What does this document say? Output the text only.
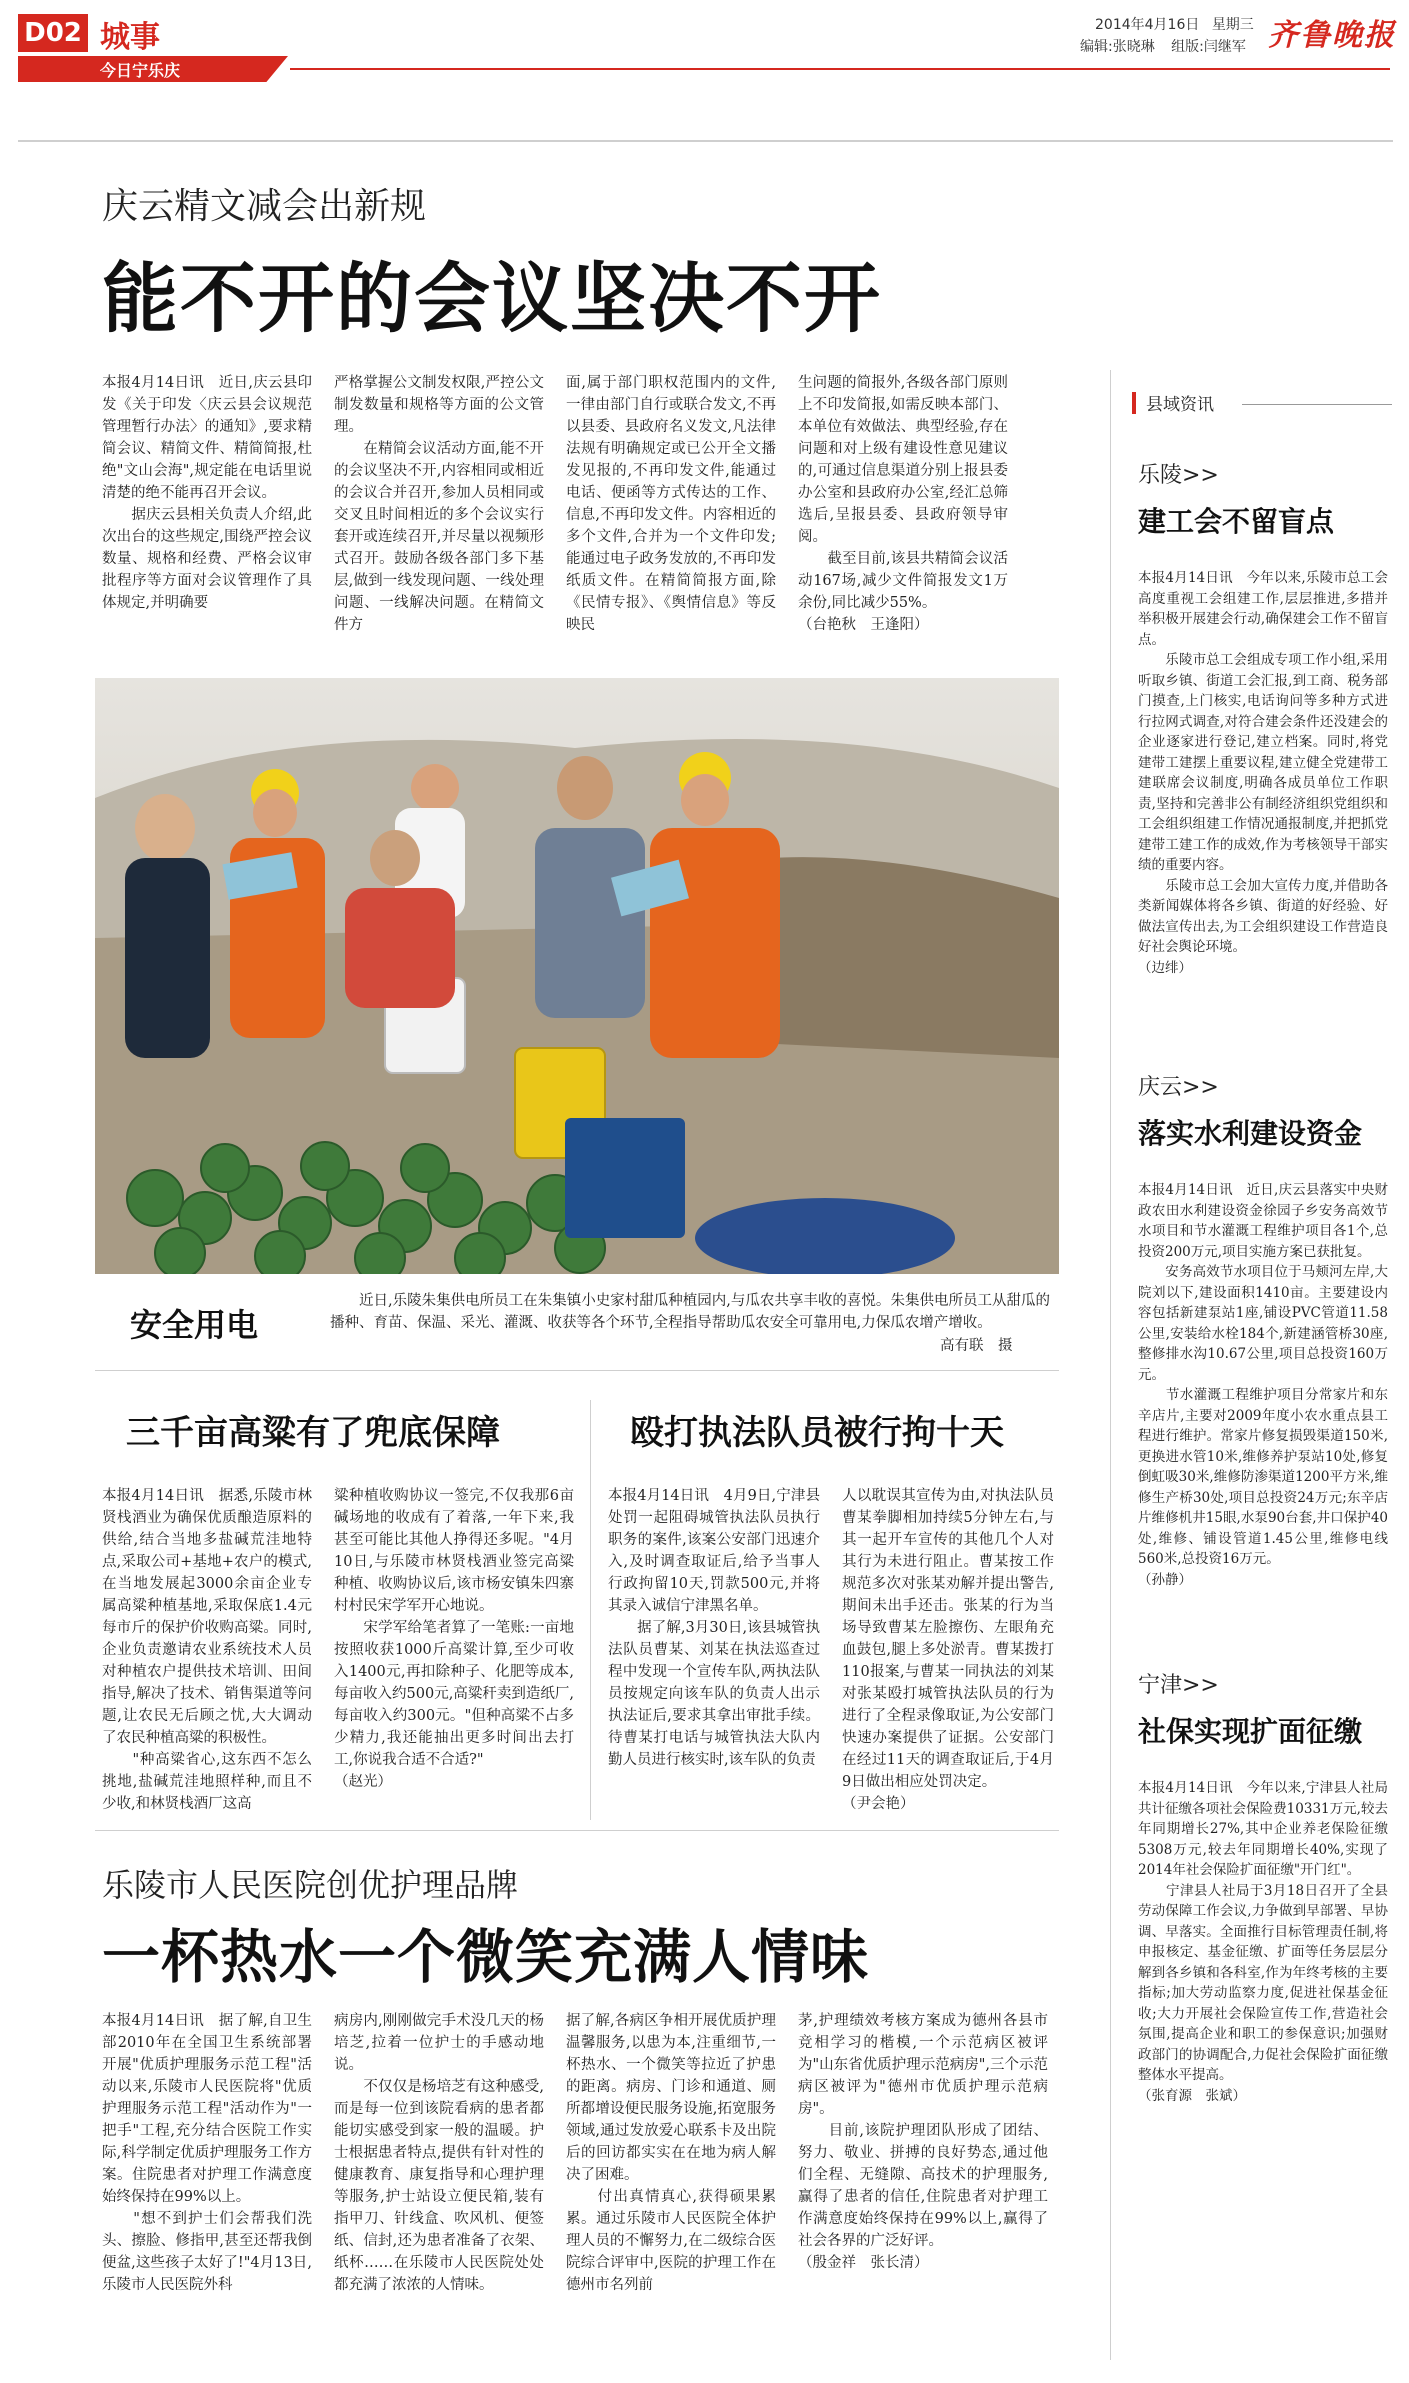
D02 城事
今日宁乐庆
2014年4月16日 星期三
编辑:张晓琳 组版:闫继军 齐鲁晚报
庆云精文减会出新规
能不开的会议坚决不开
本报4月14日讯　近日,庆云县印发《关于印发〈庆云县会议规范管理暂行办法〉的通知》,要求精简会议、精简文件、精简简报,杜绝"文山会海",规定能在电话里说清楚的绝不能再召开会议。
　　据庆云县相关负责人介绍,此次出台的这些规定,围绕严控会议数量、规格和经费、严格会议审批程序等方面对会议管理作了具体规定,并明确要
严格掌握公文制发权限,严控公文制发数量和规格等方面的公文管理。
　　在精简会议活动方面,能不开的会议坚决不开,内容相同或相近的会议合并召开,参加人员相同或交叉且时间相近的多个会议实行套开或连续召开,并尽量以视频形式召开。鼓励各级各部门多下基层,做到一线发现问题、一线处理问题、一线解决问题。在精简文件方
面,属于部门职权范围内的文件,一律由部门自行或联合发文,不再以县委、县政府名义发文,凡法律法规有明确规定或已公开全文播发见报的,不再印发文件,能通过电话、便函等方式传达的工作、信息,不再印发文件。内容相近的多个文件,合并为一个文件印发;能通过电子政务发放的,不再印发纸质文件。在精简简报方面,除《民情专报》、《舆情信息》等反映民
生问题的简报外,各级各部门原则上不印发简报,如需反映本部门、本单位有效做法、典型经验,存在问题和对上级有建设性意见建议的,可通过信息渠道分别上报县委办公室和县政府办公室,经汇总筛选后,呈报县委、县政府领导审阅。
　　截至目前,该县共精简会议活动167场,减少文件简报发文1万余份,同比减少55%。
（台艳秋　王逢阳）
安全用电
近日,乐陵朱集供电所员工在朱集镇小史家村甜瓜种植园内,与瓜农共享丰收的喜悦。朱集供电所员工从甜瓜的播种、育苗、保温、采光、灌溉、收获等各个环节,全程指导帮助瓜农安全可靠用电,力保瓜农增产增收。
高有联　摄
三千亩高粱有了兜底保障
本报4月14日讯　据悉,乐陵市林贤栈酒业为确保优质酿造原料的供给,结合当地多盐碱荒洼地特点,采取公司+基地+农户的模式,在当地发展起3000余亩企业专属高粱种植基地,采取保底1.4元每市斤的保护价收购高粱。同时,企业负责邀请农业系统技术人员对种植农户提供技术培训、田间指导,解决了技术、销售渠道等问题,让农民无后顾之忧,大大调动了农民种植高粱的积极性。
　　"种高粱省心,这东西不怎么挑地,盐碱荒洼地照样种,而且不少收,和林贤栈酒厂这高
粱种植收购协议一签完,不仅我那6亩碱场地的收成有了着落,一年下来,我甚至可能比其他人挣得还多呢。"4月10日,与乐陵市林贤栈酒业签完高粱种植、收购协议后,该市杨安镇朱四寨村村民宋学军开心地说。
　　宋学军给笔者算了一笔账:一亩地按照收获1000斤高粱计算,至少可收入1400元,再扣除种子、化肥等成本,每亩收入约500元,高粱秆卖到造纸厂,每亩收入约300元。"但种高粱不占多少精力,我还能抽出更多时间出去打工,你说我合适不合适?"
（赵光）
殴打执法队员被行拘十天
本报4月14日讯　4月9日,宁津县处罚一起阻碍城管执法队员执行职务的案件,该案公安部门迅速介入,及时调查取证后,给予当事人行政拘留10天,罚款500元,并将其录入诚信宁津黑名单。
　　据了解,3月30日,该县城管执法队员曹某、刘某在执法巡查过程中发现一个宣传车队,两执法队员按规定向该车队的负责人出示执法证后,要求其拿出审批手续。待曹某打电话与城管执法大队内勤人员进行核实时,该车队的负责
人以耽误其宣传为由,对执法队员曹某拳脚相加持续5分钟左右,与其一起开车宣传的其他几个人对其行为未进行阻止。曹某按工作规范多次对张某劝解并提出警告,期间未出手还击。张某的行为当场导致曹某左脸擦伤、左眼角充血鼓包,腿上多处淤青。曹某拨打110报案,与曹某一同执法的刘某对张某殴打城管执法队员的行为进行了全程录像取证,为公安部门快速办案提供了证据。公安部门在经过11天的调查取证后,于4月9日做出相应处罚决定。
（尹会艳）
乐陵市人民医院创优护理品牌
一杯热水一个微笑充满人情味
本报4月14日讯　据了解,自卫生部2010年在全国卫生系统部署开展"优质护理服务示范工程"活动以来,乐陵市人民医院将"优质护理服务示范工程"活动作为"一把手"工程,充分结合医院工作实际,科学制定优质护理服务工作方案。住院患者对护理工作满意度始终保持在99%以上。
　　"想不到护士们会帮我们洗头、擦脸、修指甲,甚至还帮我倒便盆,这些孩子太好了!"4月13日,乐陵市人民医院外科
病房内,刚刚做完手术没几天的杨培芝,拉着一位护士的手感动地说。
　　不仅仅是杨培芝有这种感受,而是每一位到该院看病的患者都能切实感受到家一般的温暖。护士根据患者特点,提供有针对性的健康教育、康复指导和心理护理等服务,护士站设立便民箱,装有指甲刀、针线盒、吹风机、便签纸、信封,还为患者准备了衣架、纸杯……在乐陵市人民医院处处都充满了浓浓的人情味。
据了解,各病区争相开展优质护理温馨服务,以患为本,注重细节,一杯热水、一个微笑等拉近了护患的距离。病房、门诊和通道、厕所都增设便民服务设施,拓宽服务领域,通过发放爱心联系卡及出院后的回访都实实在在地为病人解决了困难。
　　付出真情真心,获得硕果累累。通过乐陵市人民医院全体护理人员的不懈努力,在二级综合医院综合评审中,医院的护理工作在德州市名列前
茅,护理绩效考核方案成为德州各县市竞相学习的楷模,一个示范病区被评为"山东省优质护理示范病房",三个示范病区被评为"德州市优质护理示范病房"。
　　目前,该院护理团队形成了团结、努力、敬业、拼搏的良好势态,通过他们全程、无缝隙、高技术的护理服务,赢得了患者的信任,住院患者对护理工作满意度始终保持在99%以上,赢得了社会各界的广泛好评。
（殷金祥　张长清）
县域资讯
乐陵>>
建工会不留盲点
本报4月14日讯　今年以来,乐陵市总工会高度重视工会组建工作,层层推进,多措并举积极开展建会行动,确保建会工作不留盲点。
　　乐陵市总工会组成专项工作小组,采用听取乡镇、街道工会汇报,到工商、税务部门摸查,上门核实,电话询问等多种方式进行拉网式调查,对符合建会条件还没建会的企业逐家进行登记,建立档案。同时,将党建带工建摆上重要议程,建立健全党建带工建联席会议制度,明确各成员单位工作职责,坚持和完善非公有制经济组织党组织和工会组织组建工作情况通报制度,并把抓党建带工建工作的成效,作为考核领导干部实绩的重要内容。
　　乐陵市总工会加大宣传力度,并借助各类新闻媒体将各乡镇、街道的好经验、好做法宣传出去,为工会组织建设工作营造良好社会舆论环境。
（边绯）
庆云>>
落实水利建设资金
本报4月14日讯　近日,庆云县落实中央财政农田水利建设资金徐园子乡安务高效节水项目和节水灌溉工程维护项目各1个,总投资200万元,项目实施方案已获批复。
　　安务高效节水项目位于马颊河左岸,大院刘以下,建设面积1410亩。主要建设内容包括新建泵站1座,铺设PVC管道11.58公里,安装给水栓184个,新建涵管桥30座,整修排水沟10.67公里,项目总投资160万元。
　　节水灌溉工程维护项目分常家片和东辛店片,主要对2009年度小农水重点县工程进行维护。常家片修复损毁渠道150米,更换进水管10米,维修养护泵站10处,修复倒虹吸30米,维修防渗渠道1200平方米,维修生产桥30处,项目总投资24万元;东辛店片维修机井15眼,水泵90台套,井口保护40处,维修、铺设管道1.45公里,维修电线560米,总投资16万元。
（孙静）
宁津>>
社保实现扩面征缴
本报4月14日讯　今年以来,宁津县人社局共计征缴各项社会保险费10331万元,较去年同期增长27%,其中企业养老保险征缴5308万元,较去年同期增长40%,实现了2014年社会保险扩面征缴"开门红"。
　　宁津县人社局于3月18日召开了全县劳动保障工作会议,力争做到早部署、早协调、早落实。全面推行目标管理责任制,将申报核定、基金征缴、扩面等任务层层分解到各乡镇和各科室,作为年终考核的主要指标;加大劳动监察力度,促进社保基金征收;大力开展社会保险宣传工作,营造社会氛围,提高企业和职工的参保意识;加强财政部门的协调配合,力促社会保险扩面征缴整体水平提高。
（张育源　张斌）
